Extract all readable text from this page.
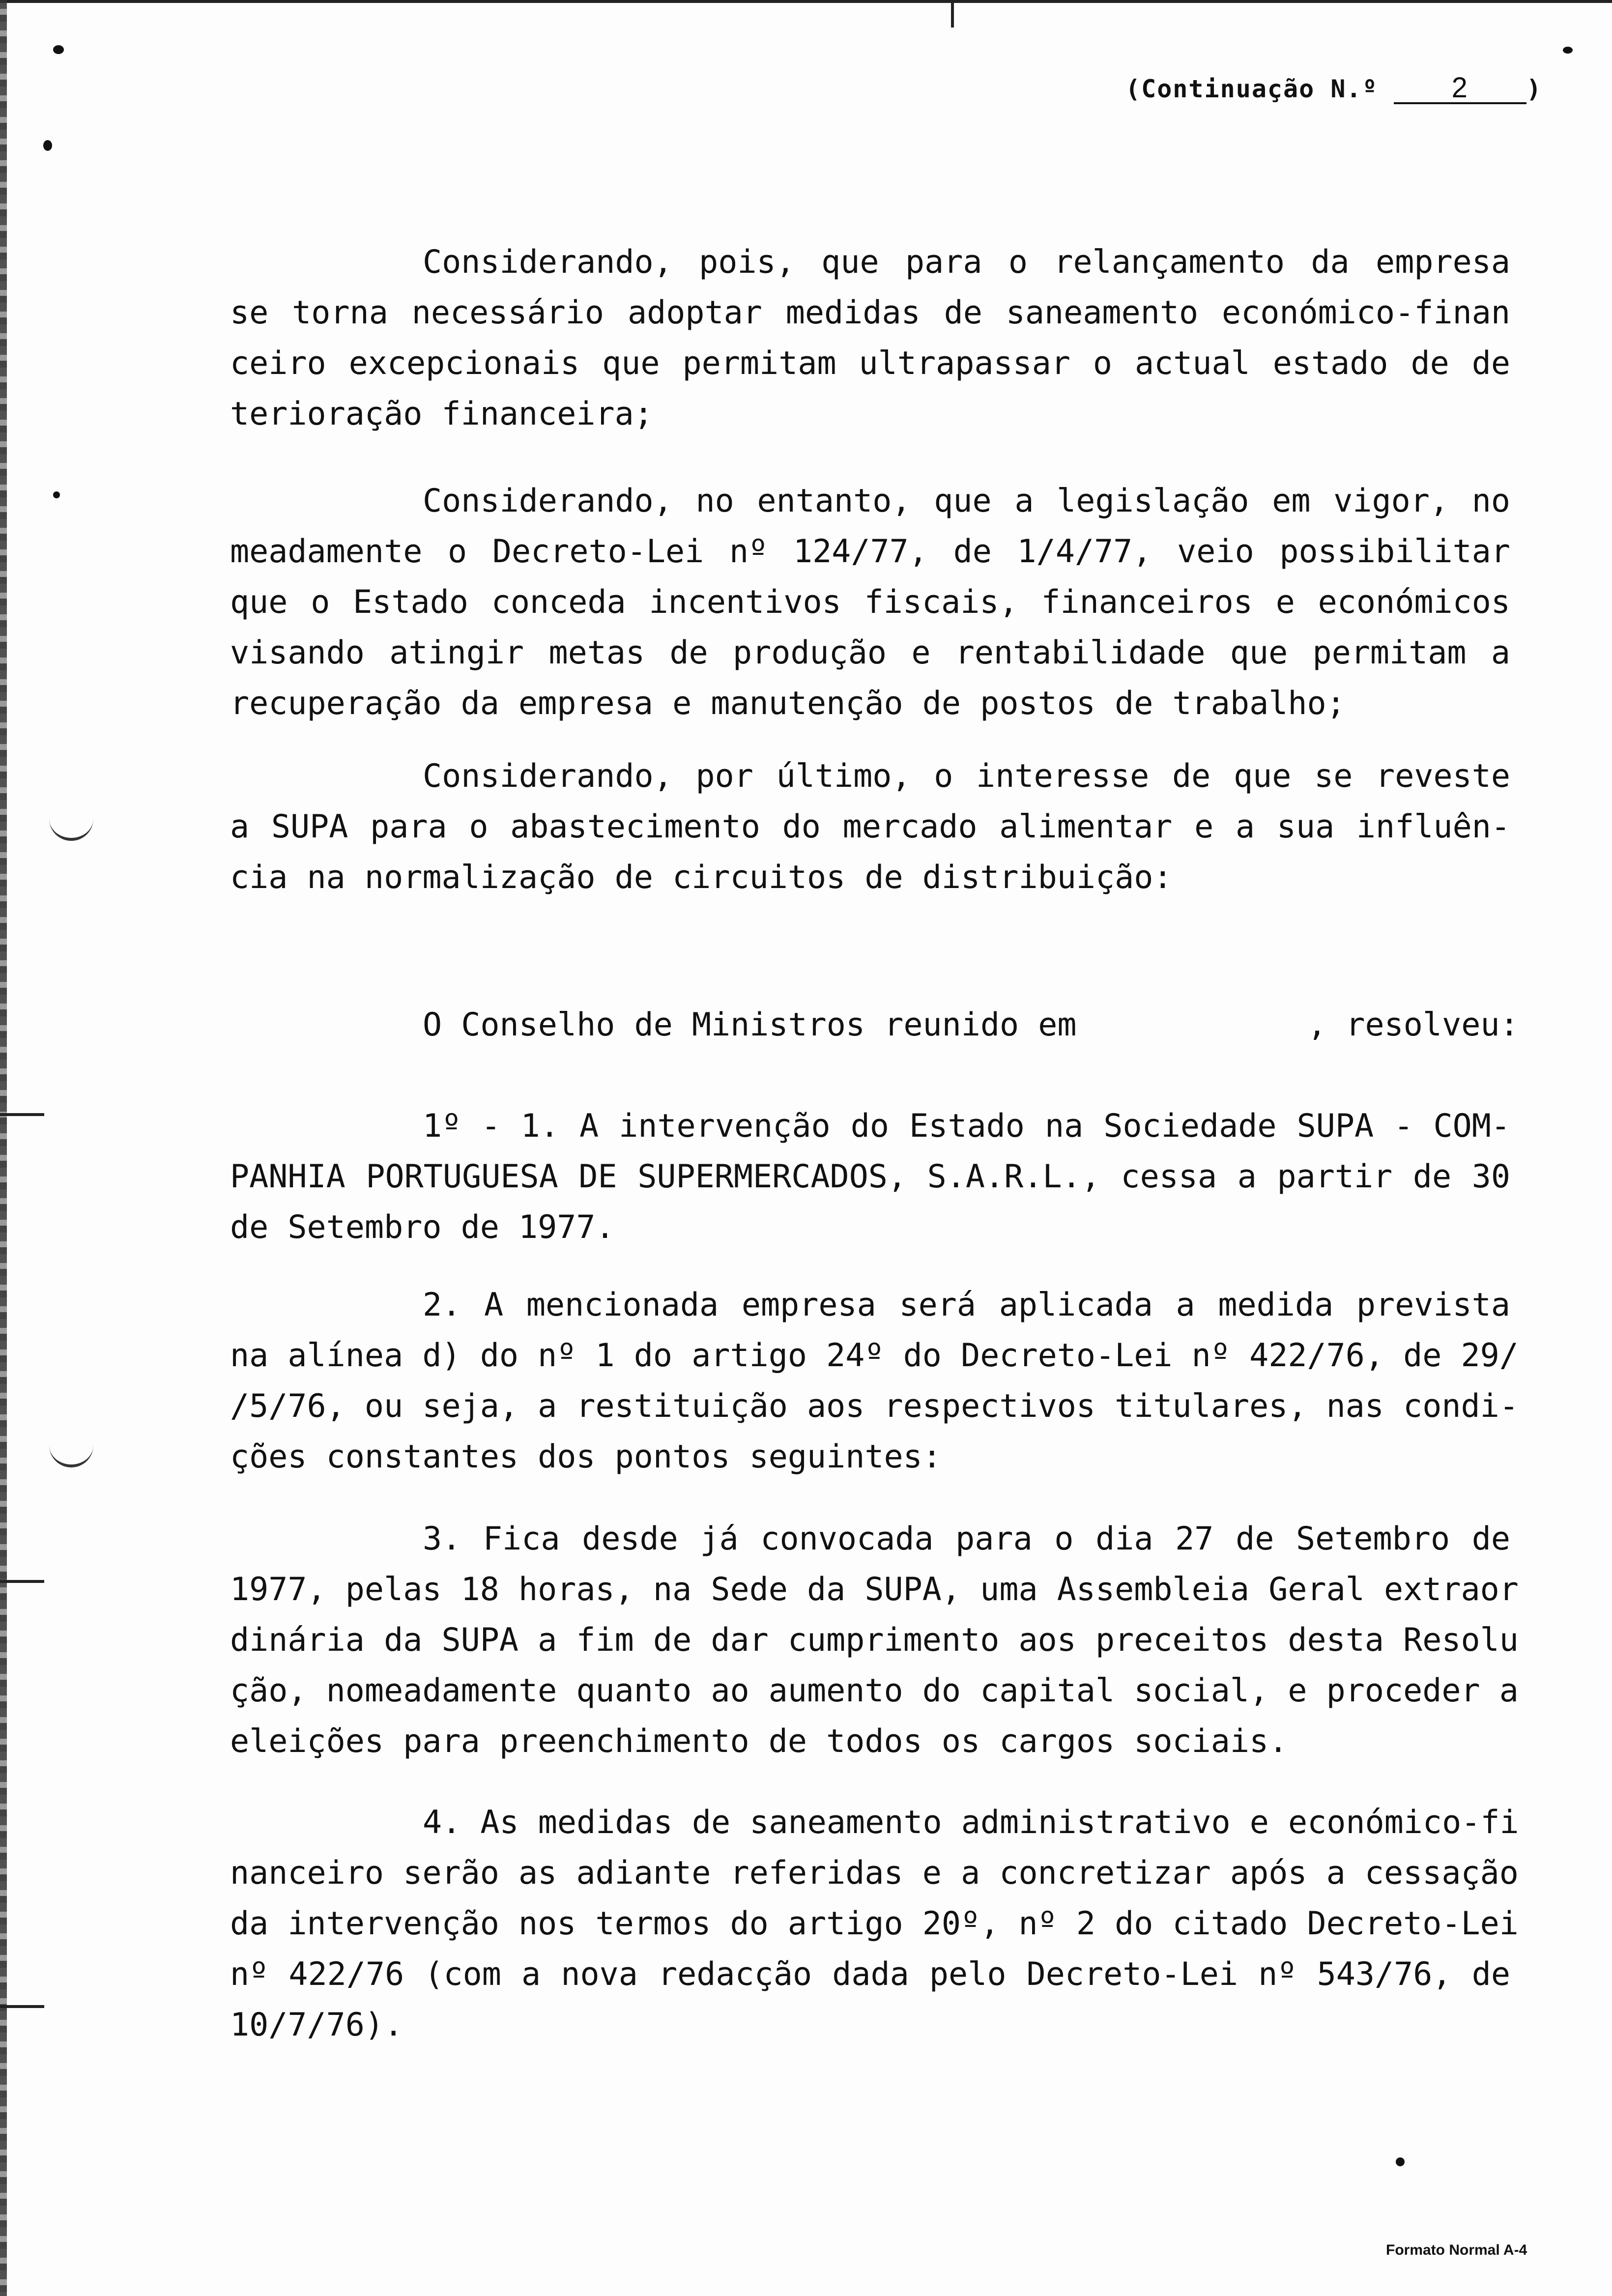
(Continuação N.º	2 )
Considerando, pois, que para o relançamento da empresa
se torna necessário adoptar medidas de saneamento económico-finan
ceiro excepcionais que permitam ultrapassar o actual estado de de
terioração financeira;
Considerando, no entanto, que a legislação em vigor, no
meadamente o Decreto-Lei nº 124/77, de 1/4/77, veio possibilitar
que o Estado conceda incentivos fiscais, financeiros e económicos
visando atingir metas de produção e rentabilidade que permitam a
recuperação da empresa e manutenção de postos de trabalho;
Considerando, por último, o interesse de que se reveste
a SUPA para o abastecimento do mercado alimentar e a sua influên-
cia na normalização de circuitos de distribuição:
O Conselho de Ministros reunido em            , resolveu:
1º - 1. A intervenção do Estado na Sociedade SUPA - COM-
PANHIA PORTUGUESA DE SUPERMERCADOS, S.A.R.L., cessa a partir de 30
de Setembro de 1977.
2. A mencionada empresa será aplicada a medida prevista
na alínea d) do nº 1 do artigo 24º do Decreto-Lei nº 422/76, de 29/
/5/76, ou seja, a restituição aos respectivos titulares, nas condi-
ções constantes dos pontos seguintes:
3. Fica desde já convocada para o dia 27 de Setembro de
1977, pelas 18 horas, na Sede da SUPA, uma Assembleia Geral extraor
dinária da SUPA a fim de dar cumprimento aos preceitos desta Resolu
ção, nomeadamente quanto ao aumento do capital social, e proceder a
eleições para preenchimento de todos os cargos sociais.
4. As medidas de saneamento administrativo e económico-fi
nanceiro serão as adiante referidas e a concretizar após a cessação
da intervenção nos termos do artigo 20º, nº 2 do citado Decreto-Lei
nº 422/76 (com a nova redacção dada pelo Decreto-Lei nº 543/76, de
10/7/76).
Formato Normal A-4
